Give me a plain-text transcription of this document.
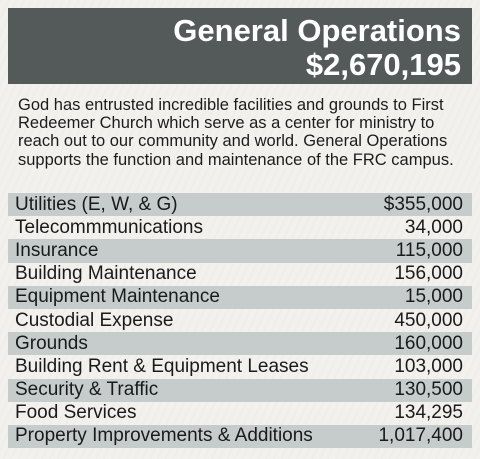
General Operations
$2,670,195
God has entrusted incredible facilities and grounds to First Redeemer Church which serve as a center for ministry to reach out to our community and world. General Operations supports the function and maintenance of the FRC campus.
Utilities (E, W, & G)	$355,000
Telecommmunications	34,000
Insurance	115,000
Building Maintenance	156,000
Equipment Maintenance	15,000
Custodial Expense	450,000
Grounds	160,000
Building Rent & Equipment Leases	103,000
Security & Traffic	130,500
Food Services	134,295
Property Improvements & Additions	1,017,400
